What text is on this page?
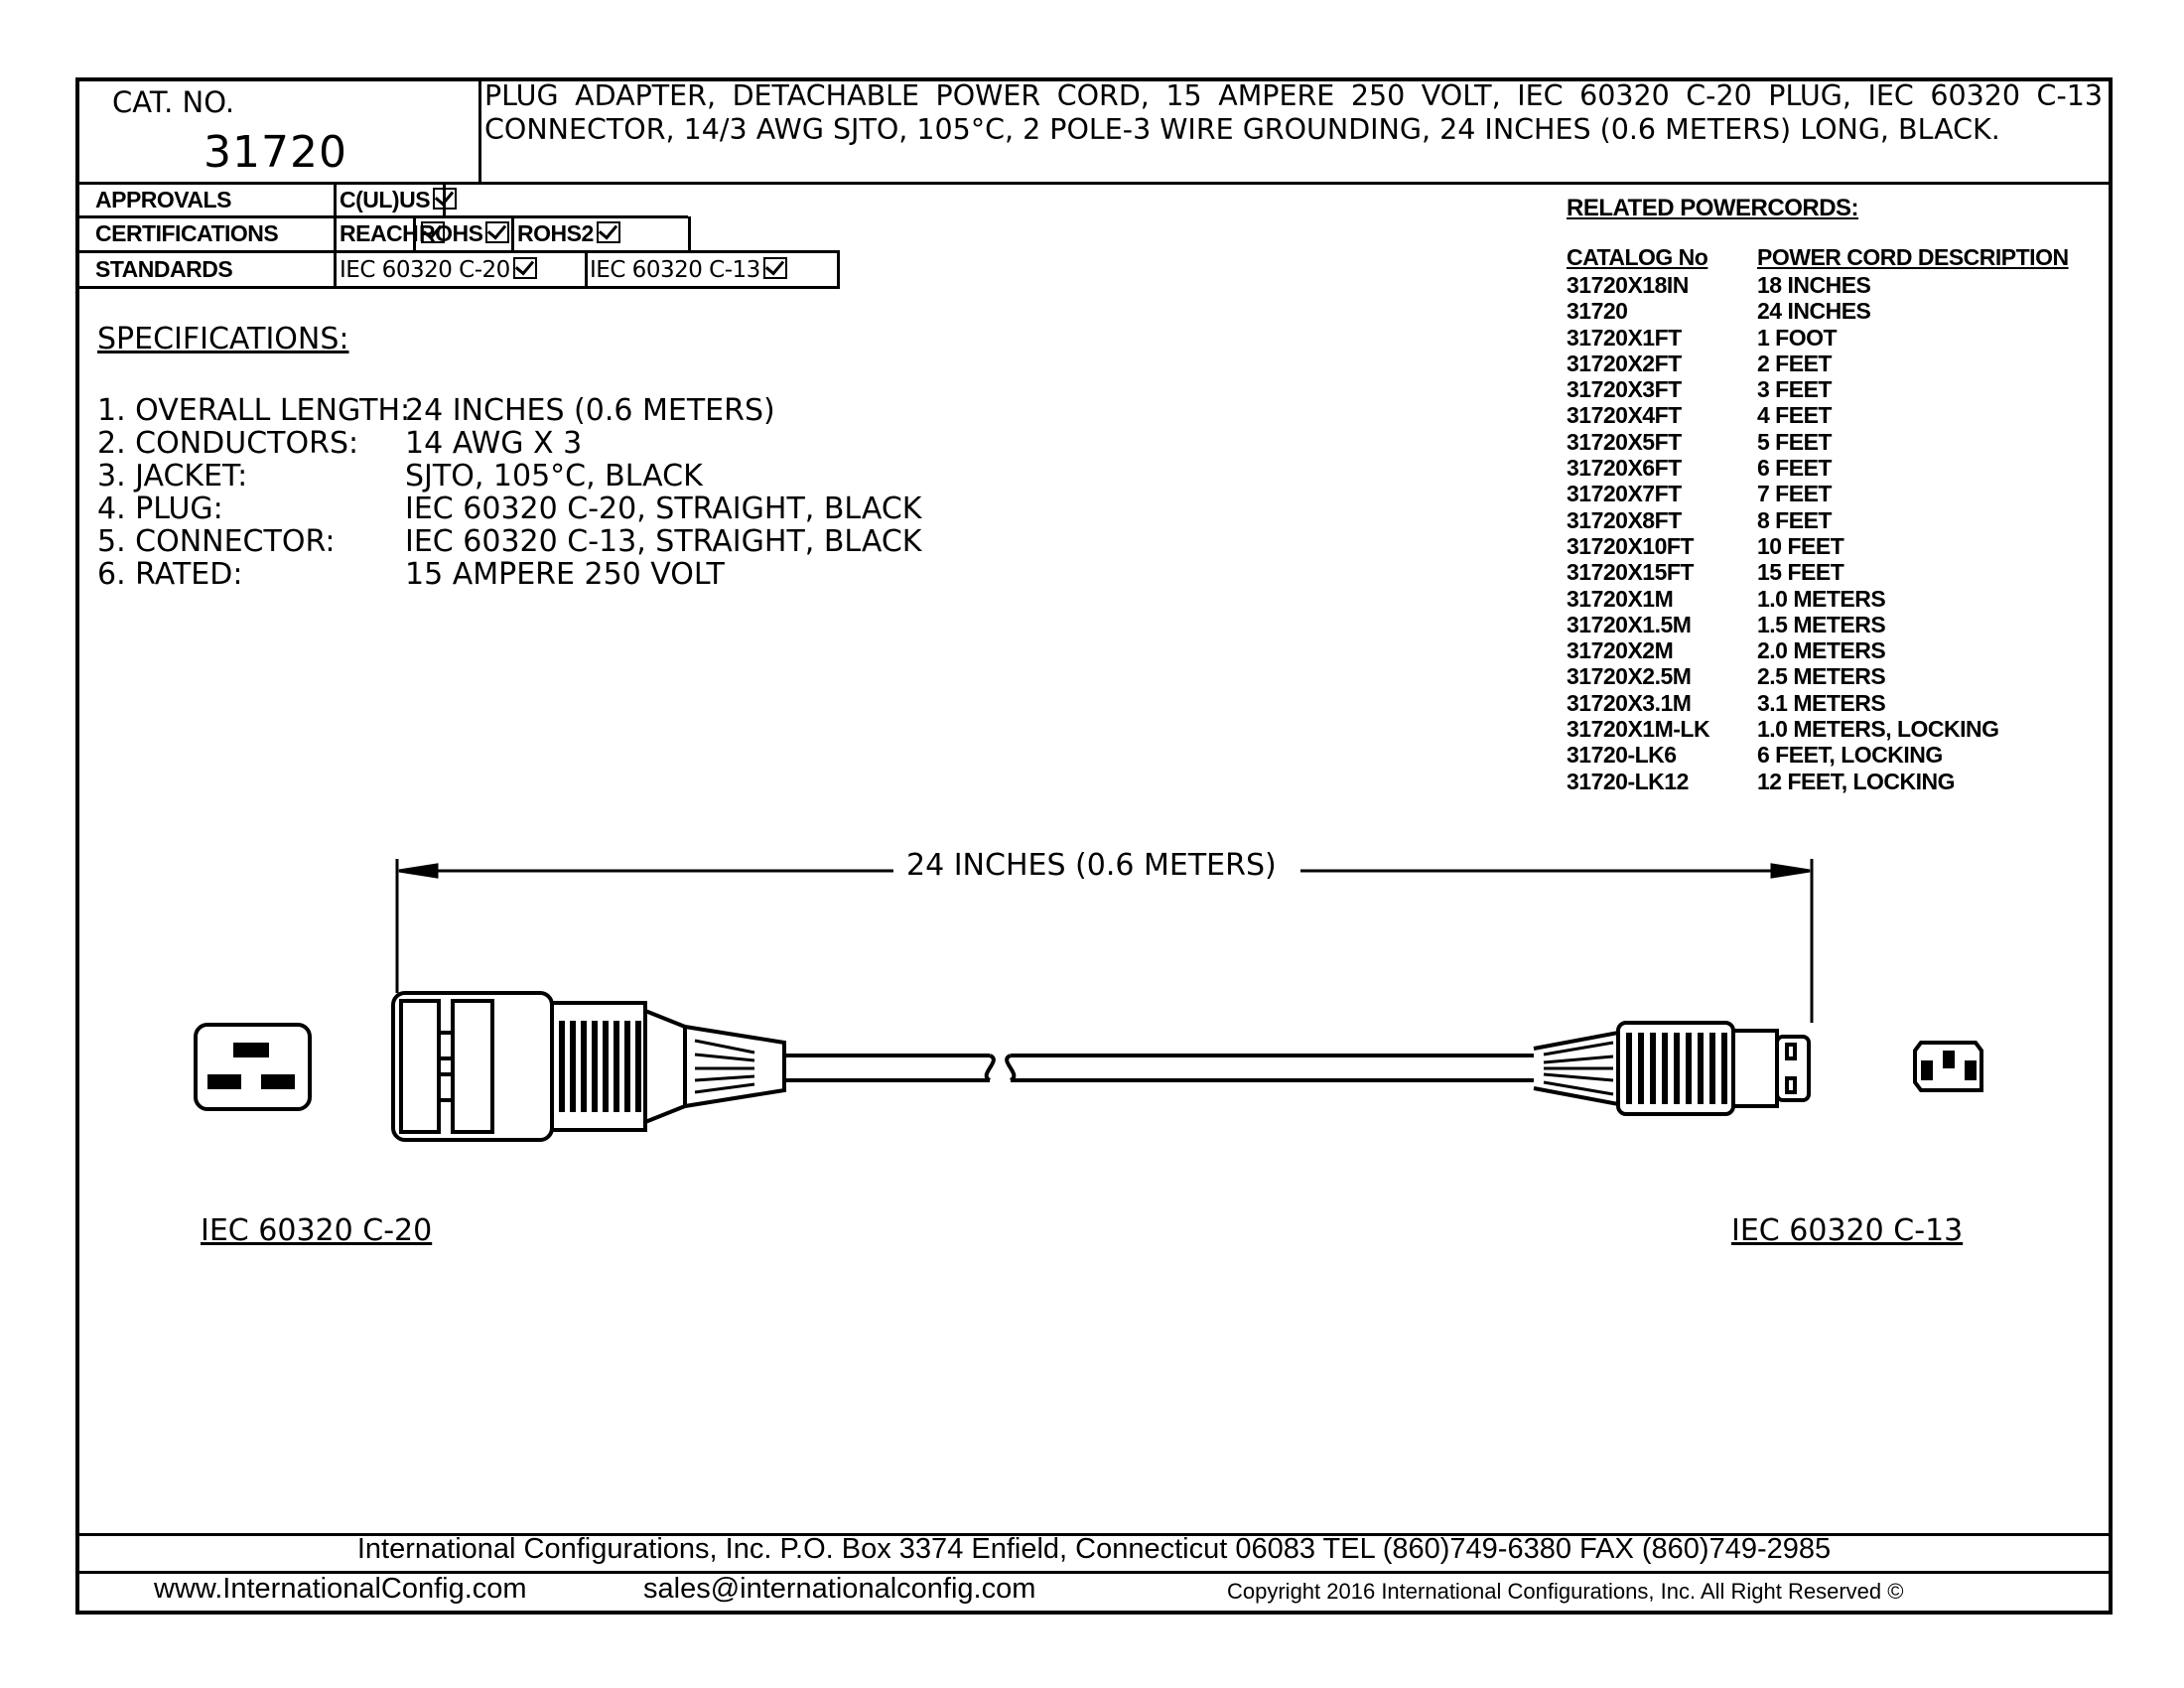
CAT. NO.
31720
PLUG ADAPTER, DETACHABLE POWER CORD, 15 AMPERE 250 VOLT, IEC 60320 C-20 PLUG, IEC 60320 C-13 CONNECTOR, 14/3 AWG SJTO, 105°C, 2 POLE-3 WIRE GROUNDING, 24 INCHES (0.6 METERS) LONG, BLACK.
APPROVALS	C(UL)US
CERTIFICATIONS	REACH ROHS	ROHS2
STANDARDS	IEC 60320 C-20	IEC 60320 C-13
SPECIFICATIONS:
1. OVERALL LENGTH:24 INCHES (0.6 METERS)
2. CONDUCTORS: 14 AWG X 3
3. JACKET:	SJTO, 105°C, BLACK
4. PLUG:	IEC 60320 C-20, STRAIGHT, BLACK
5. CONNECTOR: IEC 60320 C-13, STRAIGHT, BLACK
6. RATED:	15 AMPERE 250 VOLT
RELATED POWERCORDS:
CATALOG No POWER CORD DESCRIPTION
31720X18IN	18 INCHES
31720	24 INCHES
31720X1FT	1 FOOT
31720X2FT	2 FEET
31720X3FT	3 FEET
31720X4FT	4 FEET
31720X5FT	5 FEET
31720X6FT	6 FEET
31720X7FT	7 FEET
31720X8FT	8 FEET
31720X10FT	10 FEET
31720X15FT	15 FEET
31720X1M	1.0 METERS
31720X1.5M	1.5 METERS
31720X2M	2.0 METERS
31720X2.5M	2.5 METERS
31720X3.1M	3.1 METERS
31720X1M-LK 1.0 METERS, LOCKING
31720-LK6	6 FEET, LOCKING
31720-LK12	12 FEET, LOCKING
24 INCHES (0.6 METERS)
IEC 60320 C-20	IEC 60320 C-13
International Configurations, Inc. P.O. Box 3374 Enfield, Connecticut 06083 TEL (860)749-6380 FAX (860)749-2985
www.InternationalConfig.com	sales@internationalconfig.com	Copyright 2016 International Configurations, Inc. All Right Reserved ©
